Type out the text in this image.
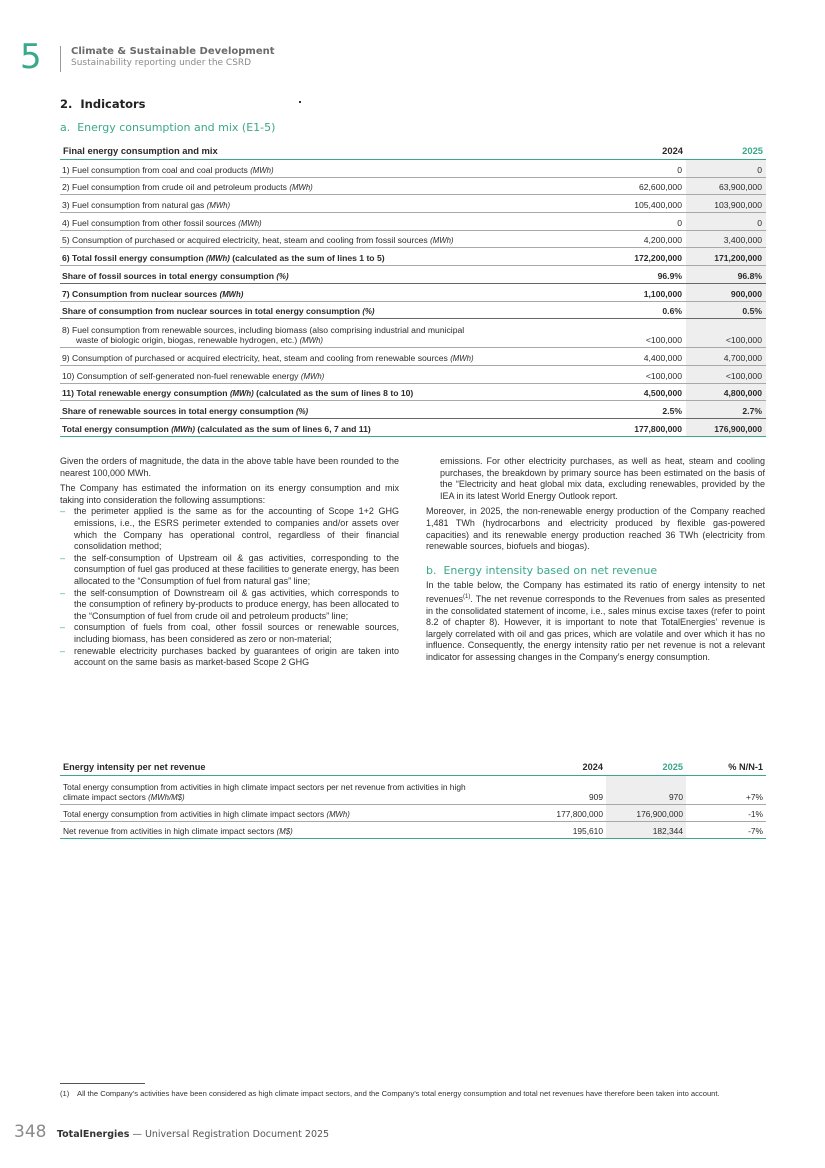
5	Climate & Sustainable Development
Sustainability reporting under the CSRD
2.  Indicators
a.  Energy consumption and mix (E1-5)
Final energy consumption and mix	2024	2025
1) Fuel consumption from coal and coal products (MWh)	0	0
2) Fuel consumption from crude oil and petroleum products (MWh)	62,600,000	63,900,000
3) Fuel consumption from natural gas (MWh)	105,400,000	103,900,000
4) Fuel consumption from other fossil sources (MWh)	0	0
5) Consumption of purchased or acquired electricity, heat, steam and cooling from fossil sources (MWh)	4,200,000	3,400,000
6) Total fossil energy consumption (MWh) (calculated as the sum of lines 1 to 5)	172,200,000	171,200,000
Share of fossil sources in total energy consumption (%)	96.9%	96.8%
7) Consumption from nuclear sources (MWh)	1,100,000	900,000
Share of consumption from nuclear sources in total energy consumption (%)	0.6%	0.5%
8) Fuel consumption from renewable sources, including biomass (also comprising industrial and municipal
waste of biologic origin, biogas, renewable hydrogen, etc.) (MWh)	<100,000	<100,000
9) Consumption of purchased or acquired electricity, heat, steam and cooling from renewable sources (MWh)	4,400,000	4,700,000
10) Consumption of self-generated non-fuel renewable energy (MWh)	<100,000	<100,000
11) Total renewable energy consumption (MWh) (calculated as the sum of lines 8 to 10)	4,500,000	4,800,000
Share of renewable sources in total energy consumption (%)	2.5%	2.7%
Total energy consumption (MWh) (calculated as the sum of lines 6, 7 and 11)	177,800,000	176,900,000

Given the orders of magnitude, the data in the above table have been rounded to the nearest 100,000 MWh.

The Company has estimated the information on its energy consumption and mix taking into consideration the following assumptions:

– the perimeter applied is the same as for the accounting of Scope 1+2 GHG emissions, i.e., the ESRS perimeter extended to companies and/or assets over which the Company has operational control, regardless of their financial consolidation method;
– the self-consumption of Upstream oil & gas activities, corresponding to the consumption of fuel gas produced at these facilities to generate energy, has been allocated to the “Consumption of fuel from natural gas” line;
– the self-consumption of Downstream oil & gas activities, which corresponds to the consumption of refinery by-products to produce energy, has been allocated to the “Consumption of fuel from crude oil and petroleum products” line;
– consumption of fuels from coal, other fossil sources or renewable sources, including biomass, has been considered as zero or non-material;
– renewable electricity purchases backed by guarantees of origin are taken into account on the same basis as market-based Scope 2 GHG

emissions. For other electricity purchases, as well as heat, steam and cooling purchases, the breakdown by primary source has been estimated on the basis of the “Electricity and heat global mix data, excluding renewables, provided by the IEA in its latest World Energy Outlook report.

Moreover, in 2025, the non-renewable energy production of the Company reached 1,481 TWh (hydrocarbons and electricity produced by flexible gas-powered capacities) and its renewable energy production reached 36 TWh (electricity from renewable sources, biofuels and biogas).

b.  Energy intensity based on net revenue

In the table below, the Company has estimated its ratio of energy intensity to net revenues$^{(1)}$. The net revenue corresponds to the Revenues from sales as presented in the consolidated statement of income, i.e., sales minus excise taxes (refer to point 8.2 of chapter 8). However, it is important to note that TotalEnergies’ revenue is largely correlated with oil and gas prices, which are volatile and over which it has no influence. Consequently, the energy intensity ratio per net revenue is not a relevant indicator for assessing changes in the Company’s energy consumption.

Energy intensity per net revenue	2024	2025	% N/N-1
Total energy consumption from activities in high climate impact sectors per net revenue from activities in high
climate impact sectors (MWh/M$)	909	970	+7%
Total energy consumption from activities in high climate impact sectors (MWh)	177,800,000	176,900,000	-1%
Net revenue from activities in high climate impact sectors (M$)	195,610	182,344	-7%
(1)	All the Company’s activities have been considered as high climate impact sectors, and the Company’s total energy consumption and total net revenues have therefore been taken into account.
348 TotalEnergies — Universal Registration Document 2025
